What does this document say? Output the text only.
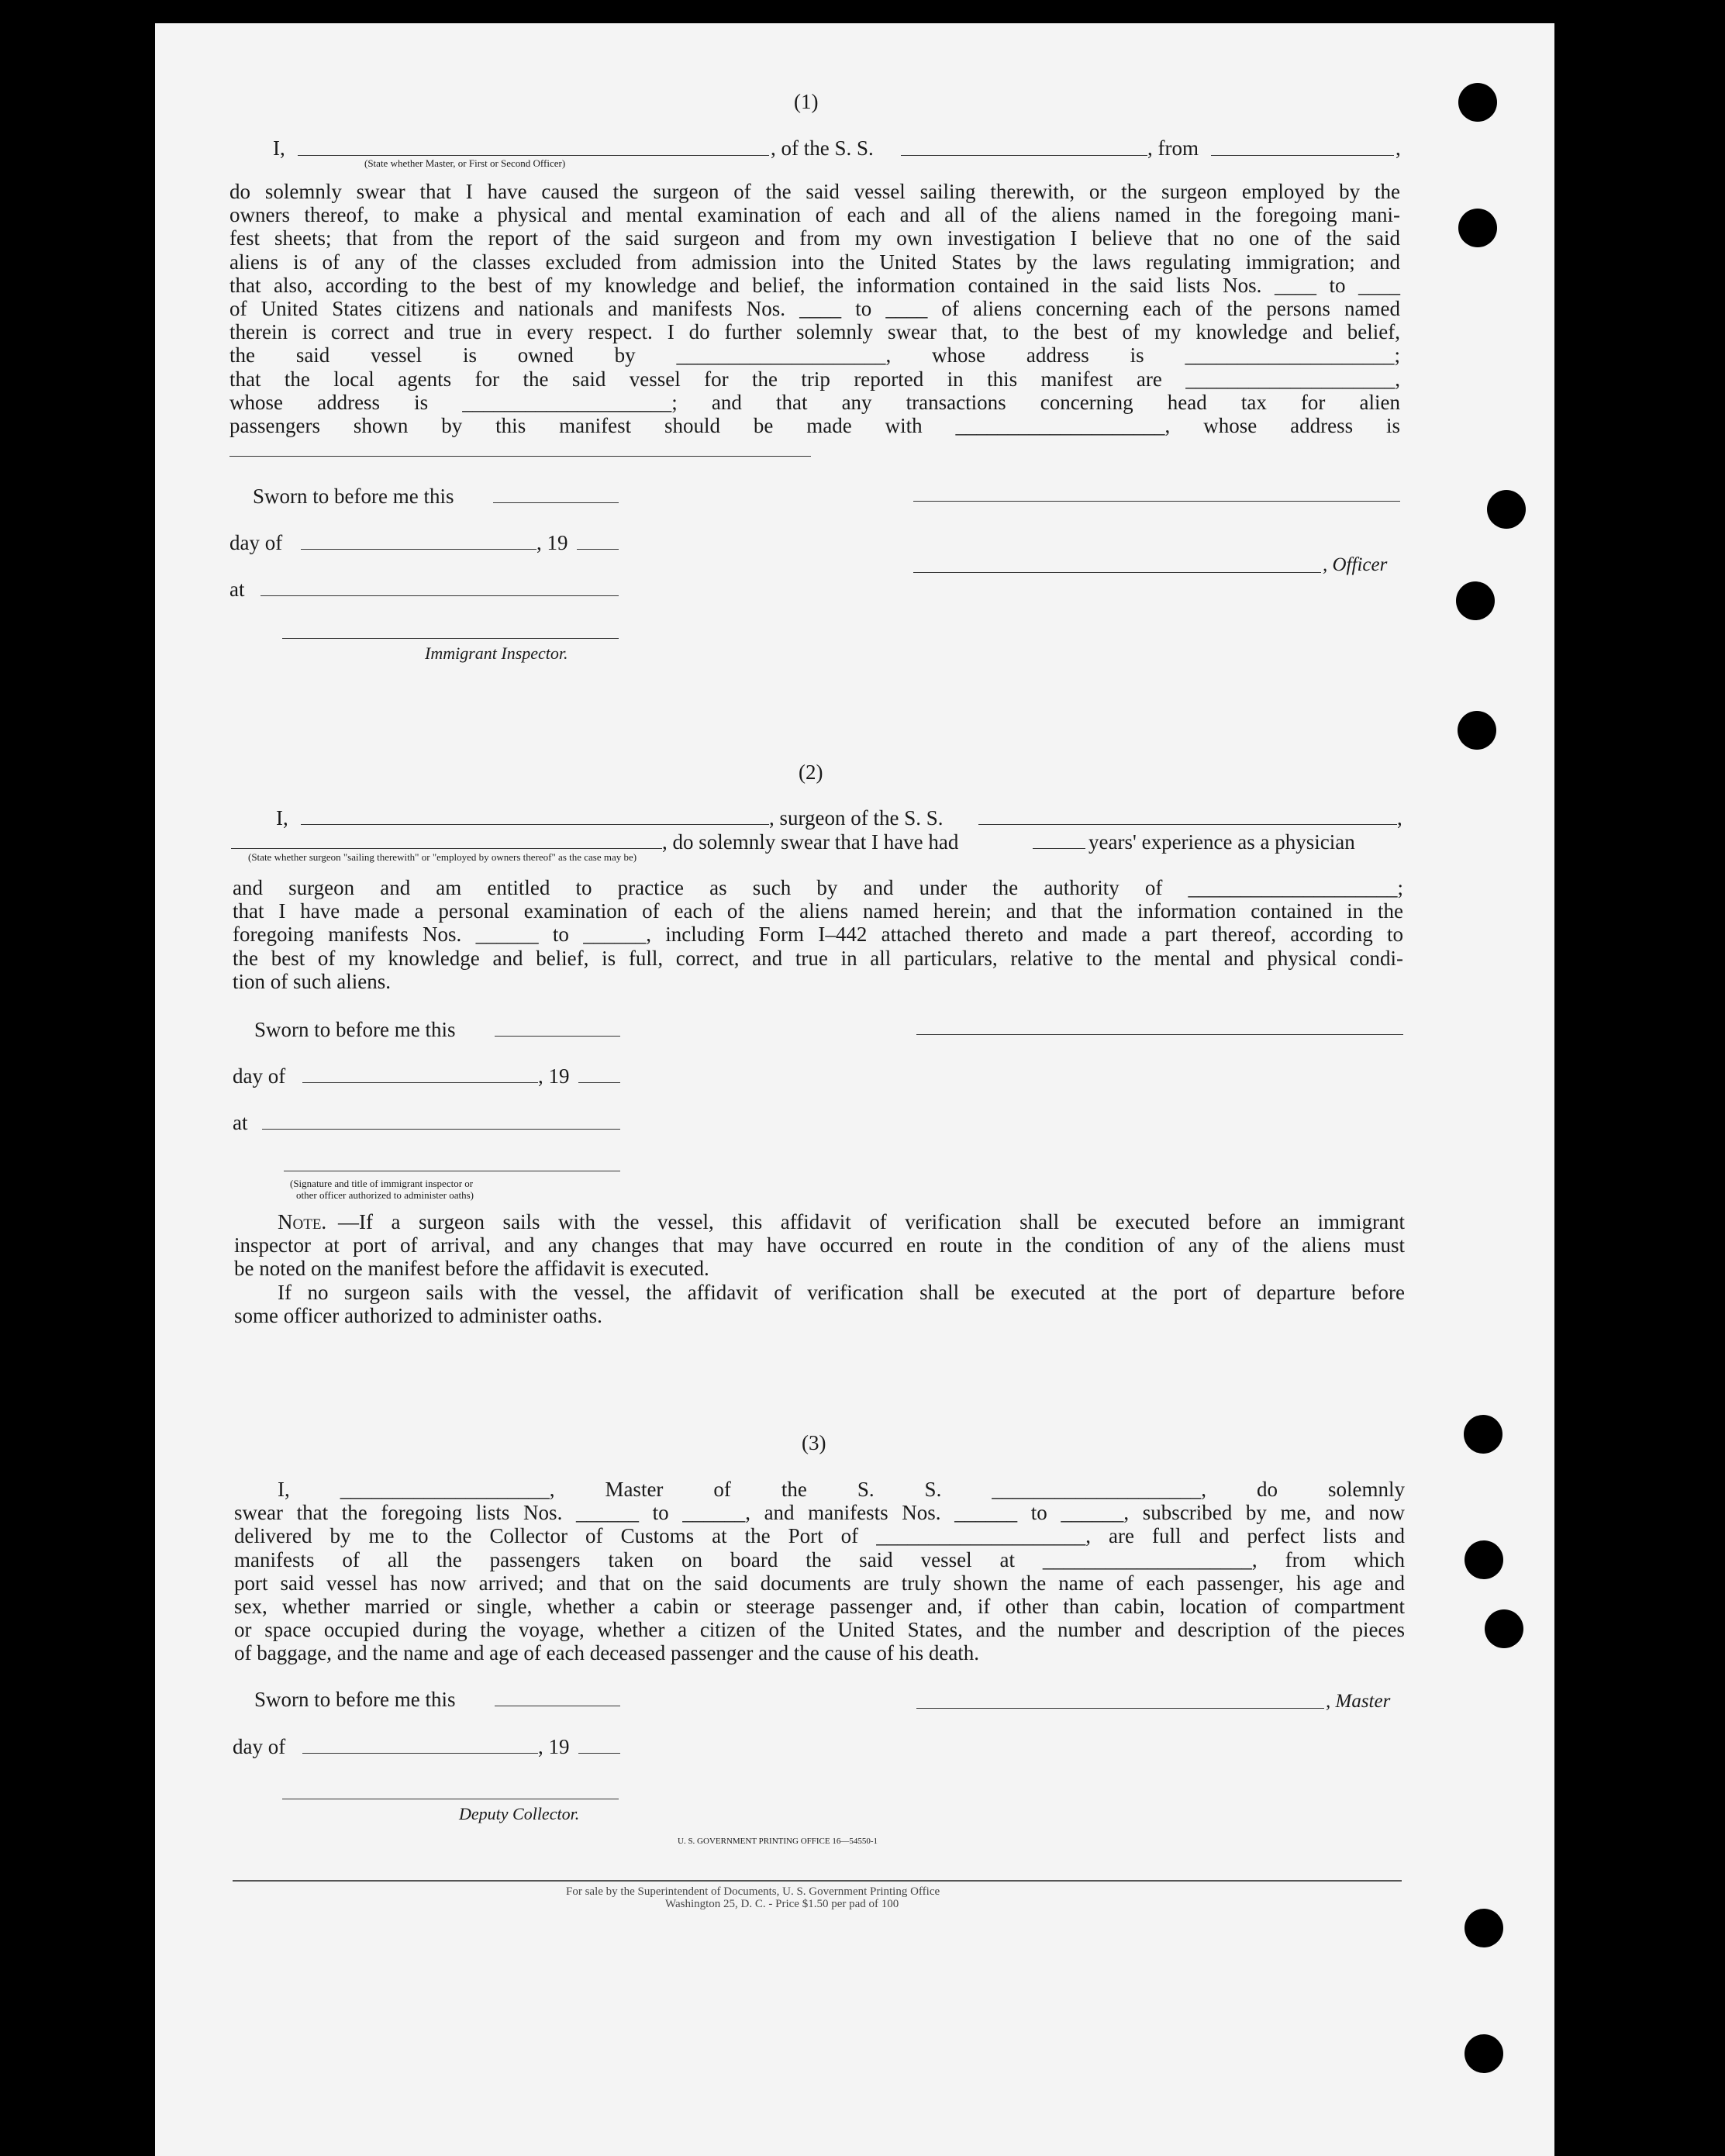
(1)
I,	, of the S. S.	, from	,
(State whether Master, or First or Second Officer)
do solemnly swear that I have caused the surgeon of the said vessel sailing therewith, or the surgeon employed by the
owners thereof, to make a physical and mental examination of each and all of the aliens named in the foregoing mani-
fest sheets; that from the report of the said surgeon and from my own investigation I believe that no one of the said
aliens is of any of the classes excluded from admission into the United States by the laws regulating immigration; and
that also, according to the best of my knowledge and belief, the information contained in the said lists Nos. ____ to ____
of United States citizens and nationals and manifests Nos. ____ to ____ of aliens concerning each of the persons named
therein is correct and true in every respect. I do further solemnly swear that, to the best of my knowledge and belief,
the said vessel is owned by ____________________, whose address is ____________________;
that the local agents for the said vessel for the trip reported in this manifest are ____________________,
whose address is ____________________; and that any transactions concerning head tax for alien
passengers shown by this manifest should be made with ____________________, whose address is
Sworn to before me this
day of	, 19
at
Immigrant Inspector.
, Officer
(2)
I,	, surgeon of the S. S.	,
, do solemnly swear that I have had	years' experience as a physician
(State whether surgeon "sailing therewith" or "employed by owners thereof" as the case may be)
and surgeon and am entitled to practice as such by and under the authority of ____________________;
that I have made a personal examination of each of the aliens named herein; and that the information contained in the
foregoing manifests Nos. ______ to ______, including Form I–442 attached thereto and made a part thereof, according to
the best of my knowledge and belief, is full, correct, and true in all particulars, relative to the mental and physical condi-
tion of such aliens.
Sworn to before me this
day of	, 19
at
(Signature and title of immigrant inspector or
other officer authorized to administer oaths)
Note. —If a surgeon sails with the vessel, this affidavit of verification shall be executed before an immigrant
inspector at port of arrival, and any changes that may have occurred en route in the condition of any of the aliens must
be noted on the manifest before the affidavit is executed.
If no surgeon sails with the vessel, the affidavit of verification shall be executed at the port of departure before
some officer authorized to administer oaths.
(3)
I, ____________________, Master of the S. S. ____________________, do solemnly
swear that the foregoing lists Nos. ______ to ______, and manifests Nos. ______ to ______, subscribed by me, and now
delivered by me to the Collector of Customs at the Port of ____________________, are full and perfect lists and
manifests of all the passengers taken on board the said vessel at ____________________, from which
port said vessel has now arrived; and that on the said documents are truly shown the name of each passenger, his age and
sex, whether married or single, whether a cabin or steerage passenger and, if other than cabin, location of compartment
or space occupied during the voyage, whether a citizen of the United States, and the number and description of the pieces
of baggage, and the name and age of each deceased passenger and the cause of his death.
Sworn to before me this
day of	, 19
, Master
Deputy Collector.
U. S. GOVERNMENT PRINTING OFFICE 16—54550-1
For sale by the Superintendent of Documents, U. S. Government Printing Office
Washington 25, D. C. - Price $1.50 per pad of 100
